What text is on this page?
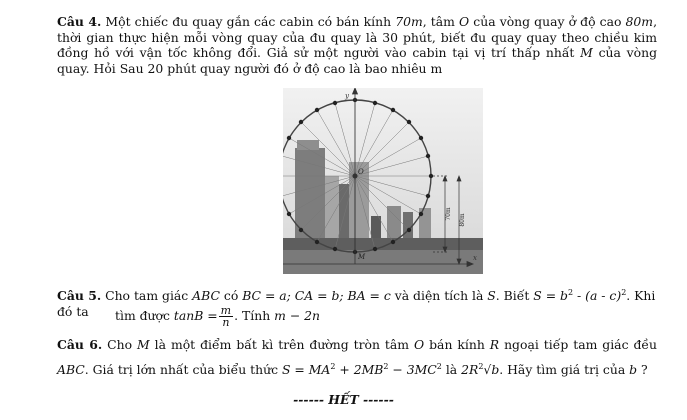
Câu 4. Một chiếc đu quay gắn các cabin có bán kính 70m, tâm O của vòng quay ở độ cao 80m, thời gian thực hiện mỗi vòng quay của đu quay là 30 phút, biết đu quay quay theo chiều kim đồng hồ với vận tốc không đổi. Giả sử một người vào cabin tại vị trí thấp nhất M của vòng quay. Hỏi Sau 20 phút quay người đó ở độ cao là bao nhiêu m
y
x
O
M
70m 80m
Câu 5. Cho tam giác ABC có BC = a; CA = b; BA = c và diện tích là S. Biết $S = b^2 - (a - c)^2$. Khi đó ta	tìm được $\tan B = \frac{m}{n}$ . Tính m − 2n
Câu 6. Cho M là một điểm bất kì trên đường tròn tâm O bán kính R ngoại tiếp tam giác đều ABC. Giá trị lớn nhất của biểu thức $S = MA^2 + 2MB^2 - 3MC^2$ là $2R^2√b$. Hãy tìm giá trị của b ?
------ HẾT ------
